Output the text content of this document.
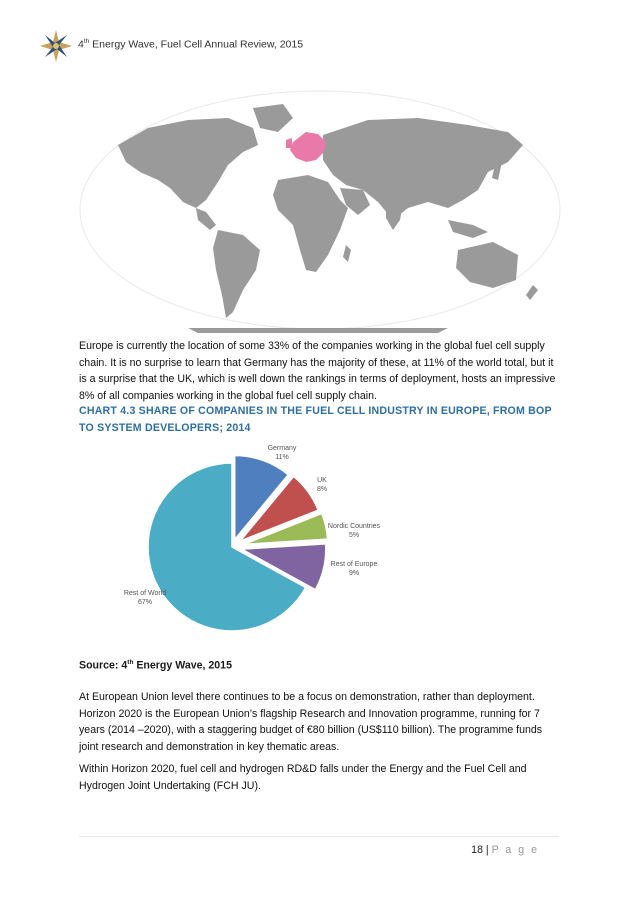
4th Energy Wave, Fuel Cell Annual Review, 2015
Europe is currently the location of some 33% of the companies working in the global fuel cell supply chain. It is no surprise to learn that Germany has the majority of these, at 11% of the world total, but it is a surprise that the UK, which is well down the rankings in terms of deployment, hosts an impressive 8% of all companies working in the global fuel cell supply chain.
CHART 4.3 SHARE OF COMPANIES IN THE FUEL CELL INDUSTRY IN EUROPE, FROM BOP TO SYSTEM DEVELOPERS; 2014
Germany
11%
UK
8%
Nordic Countries
5%
Rest of Europe
9%
Rest of World
67%
Source: 4th Energy Wave, 2015
At European Union level there continues to be a focus on demonstration, rather than deployment. Horizon 2020 is the European Union’s flagship Research and Innovation programme, running for 7 years (2014 –2020), with a staggering budget of €80 billion (US$110 billion). The programme funds joint research and demonstration in key thematic areas.
Within Horizon 2020, fuel cell and hydrogen RD&D falls under the Energy and the Fuel Cell and Hydrogen Joint Undertaking (FCH JU).
18 | P a g e
